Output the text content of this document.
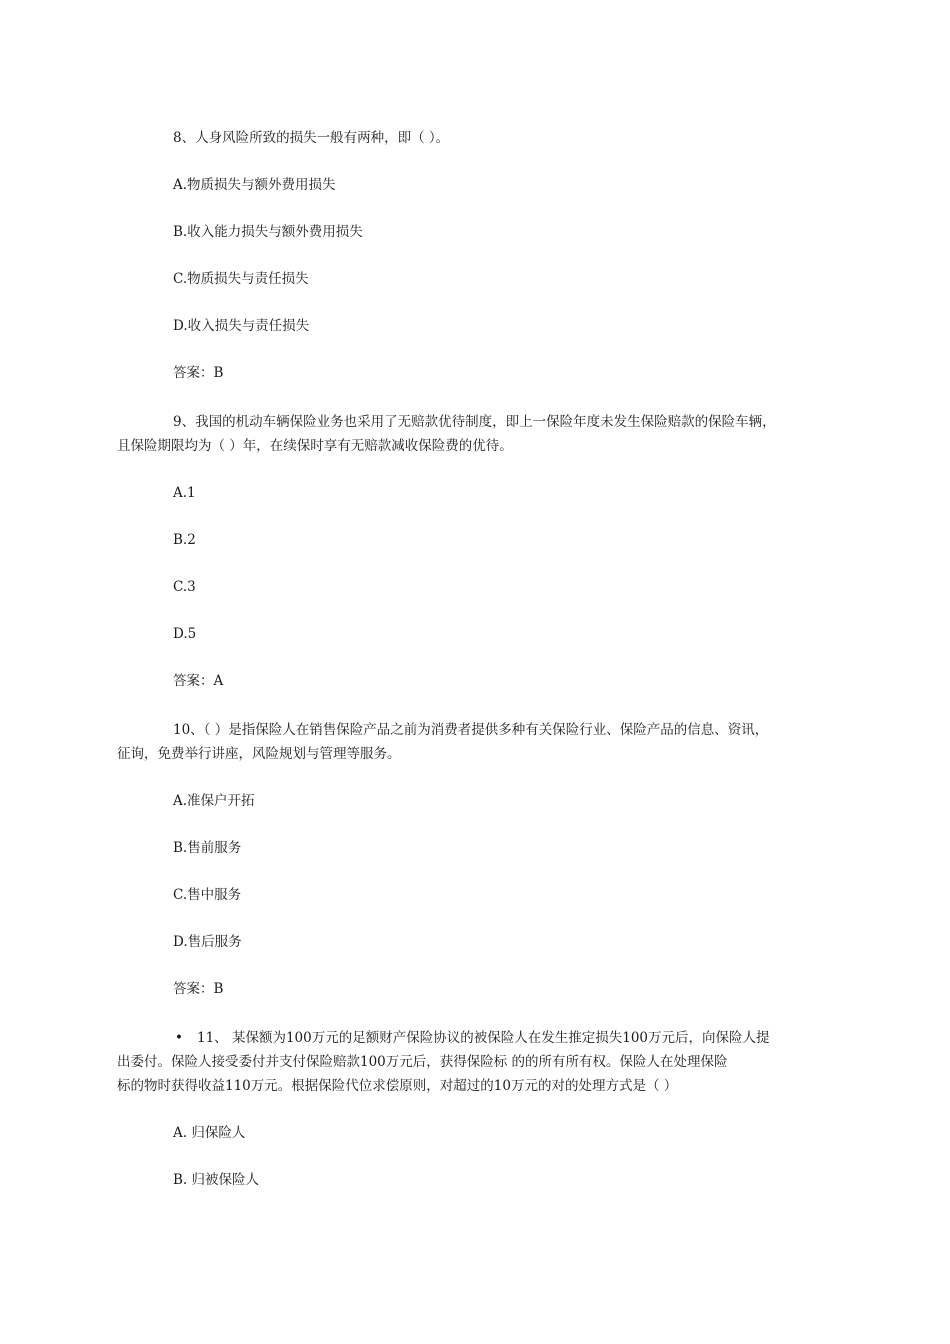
8、人身风险所致的损失一般有两种，即（ ）。
A.物质损失与额外费用损失
B.收入能力损失与额外费用损失
C.物质损失与责任损失
D.收入损失与责任损失
答案：B
9、我国的机动车辆保险业务也采用了无赔款优待制度，即上一保险年度未发生保险赔款的保险车辆，
且保险期限均为（ ）年，在续保时享有无赔款减收保险费的优待。
A.1
B.2
C.3
D.5
答案：A
10、（ ）是指保险人在销售保险产品之前为消费者提供多种有关保险行业、保险产品的信息、资讯，
征询，免费举行讲座，风险规划与管理等服务。
A.准保户开拓
B.售前服务
C.售中服务
D.售后服务
答案：B
• 11、 某保额为100万元的足额财产保险协议的被保险人在发生推定损失100万元后，向保险人提
出委付。保险人接受委付并支付保险赔款100万元后，获得保险标 的的所有所有权。保险人在处理保险
标的物时获得收益110万元。根据保险代位求偿原则，对超过的10万元的对的处理方式是（ ）
A. 归保险人
B. 归被保险人
